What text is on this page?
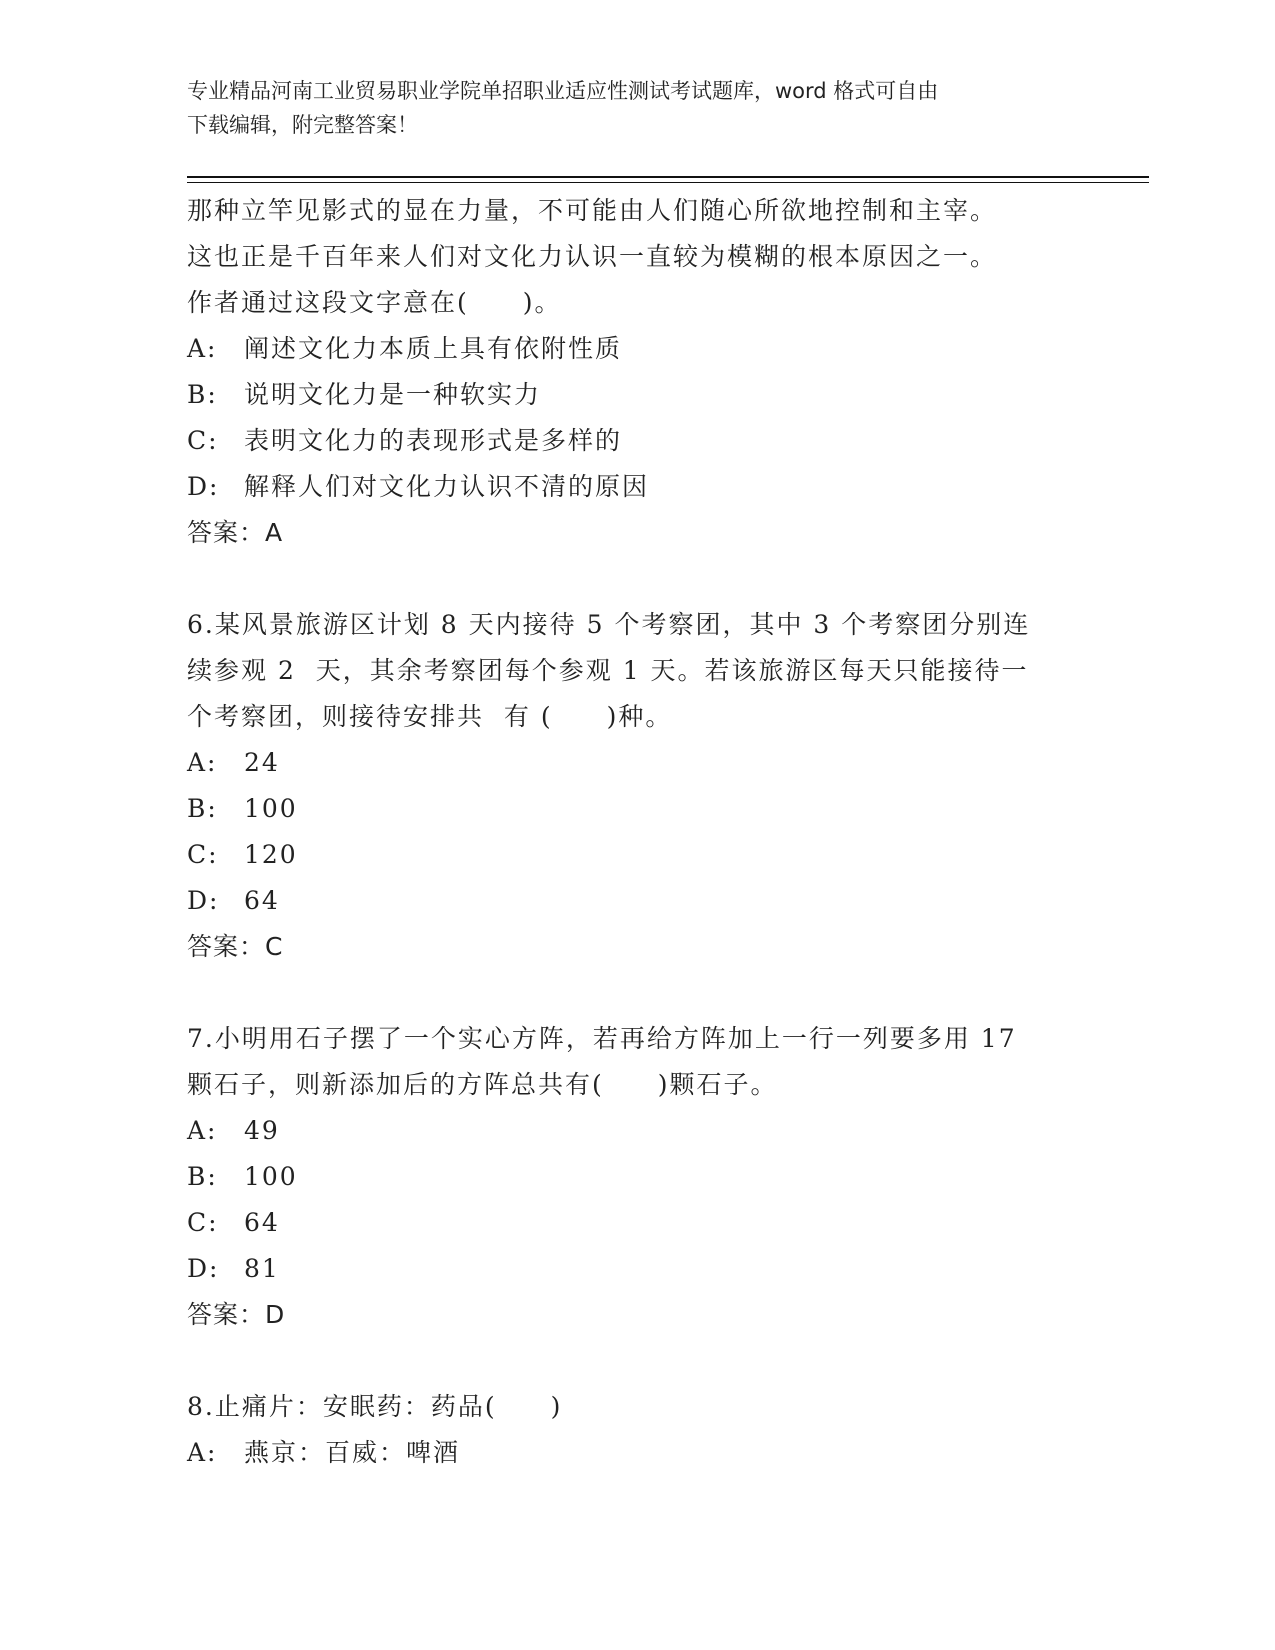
专业精品河南工业贸易职业学院单招职业适应性测试考试题库，word 格式可自由
下载编辑，附完整答案！
那种立竿见影式的显在力量，不可能由人们随心所欲地控制和主宰。
这也正是千百年来人们对文化力认识一直较为模糊的根本原因之一。
作者通过这段文字意在(　　)。
A:	阐述文化力本质上具有依附性质
B:	说明文化力是一种软实力
C:	表明文化力的表现形式是多样的
D: 解释人们对文化力认识不清的原因
答案：A
6.某风景旅游区计划 8 天内接待 5 个考察团，其中 3 个考察团分别连
续参观 2  天，其余考察团每个参观 1 天。若该旅游区每天只能接待一
个考察团，则接待安排共  有 (　　)种。
A:	24
B:	100
C:	120
D: 64
答案：C
7.小明用石子摆了一个实心方阵，若再给方阵加上一行一列要多用 17
颗石子，则新添加后的方阵总共有(　　)颗石子。
A:	49
B:	100
C:	64
D: 81
答案：D
8.止痛片：安眠药：药品(　　)
A:	燕京：百威：啤酒
